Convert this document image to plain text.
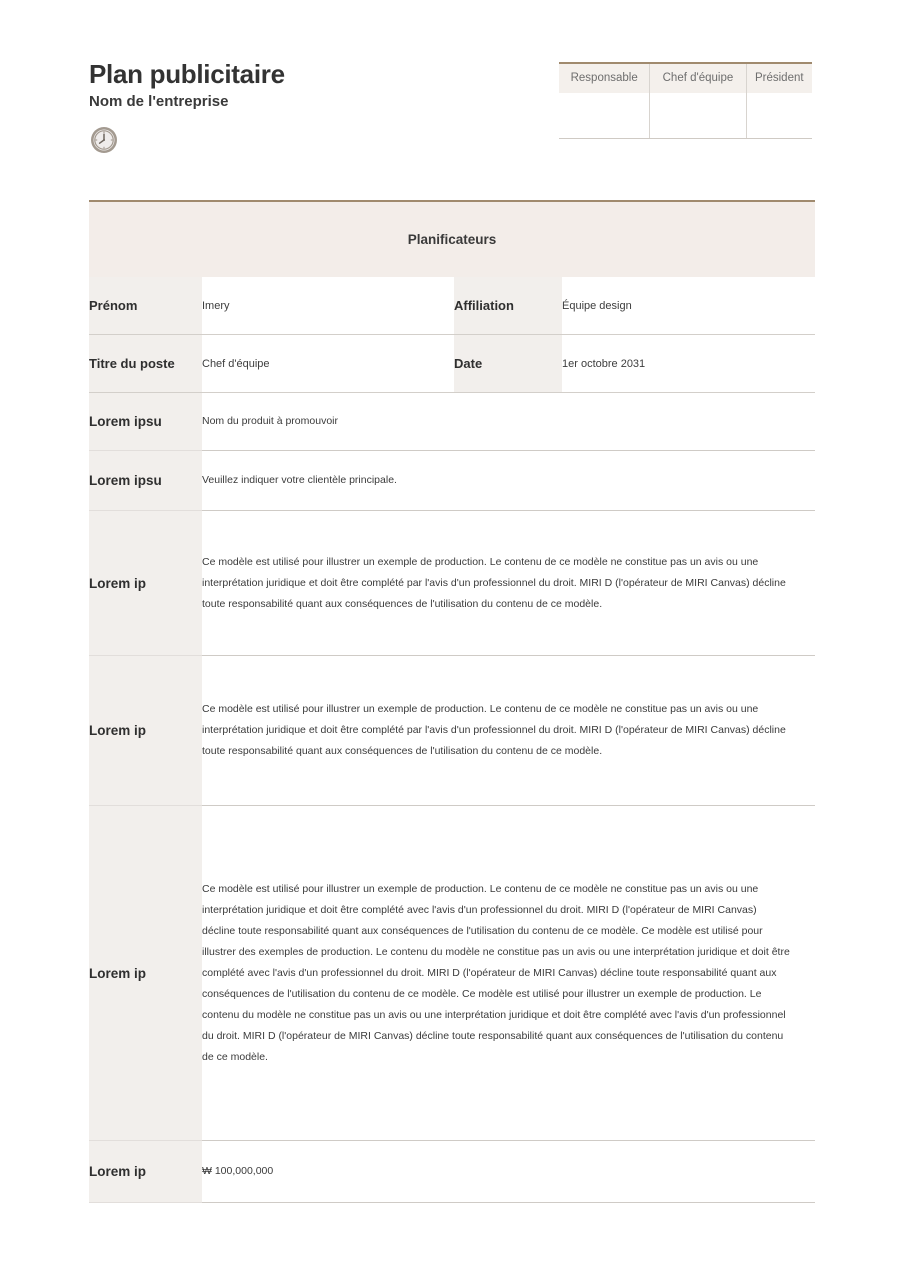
Plan publicitaire
Nom de l'entreprise
Responsable	Chef d'équipe	Président

Planificateurs			
Prénom	Imery	Affiliation	Équipe design
Titre du poste	Chef d'équipe	Date	1er octobre 2031
Lorem ipsu	Nom du produit à promouvoir		

Lorem ipsu	Veuillez indiquer votre clientèle principale.		

Lorem ip	Ce modèle est utilisé pour illustrer un exemple de production. Le contenu de ce modèle ne constitue pas un avis ou une interprétation juridique et doit être complété par l'avis d'un professionnel du droit. MIRI D (l'opérateur de MIRI Canvas) décline toute responsabilité quant aux conséquences de l'utilisation du contenu de ce modèle.		

Lorem ip	Ce modèle est utilisé pour illustrer un exemple de production. Le contenu de ce modèle ne constitue pas un avis ou une interprétation juridique et doit être complété par l'avis d'un professionnel du droit. MIRI D (l'opérateur de MIRI Canvas) décline toute responsabilité quant aux conséquences de l'utilisation du contenu de ce modèle.		

Lorem ip	Ce modèle est utilisé pour illustrer un exemple de production. Le contenu de ce modèle ne constitue pas un avis ou une interprétation juridique et doit être complété avec l'avis d'un professionnel du droit. MIRI D (l'opérateur de MIRI Canvas) décline toute responsabilité quant aux conséquences de l'utilisation du contenu de ce modèle. Ce modèle est utilisé pour illustrer des exemples de production. Le contenu du modèle ne constitue pas un avis ou une interprétation juridique et doit être complété avec l'avis d'un professionnel du droit. MIRI D (l'opérateur de MIRI Canvas) décline toute responsabilité quant aux conséquences de l'utilisation du contenu de ce modèle. Ce modèle est utilisé pour illustrer un exemple de production. Le contenu du modèle ne constitue pas un avis ou une interprétation juridique et doit être complété avec l'avis d'un professionnel du droit. MIRI D (l'opérateur de MIRI Canvas) décline toute responsabilité quant aux conséquences de l'utilisation du contenu de ce modèle.		

Lorem ip	₩ 100,000,000		
